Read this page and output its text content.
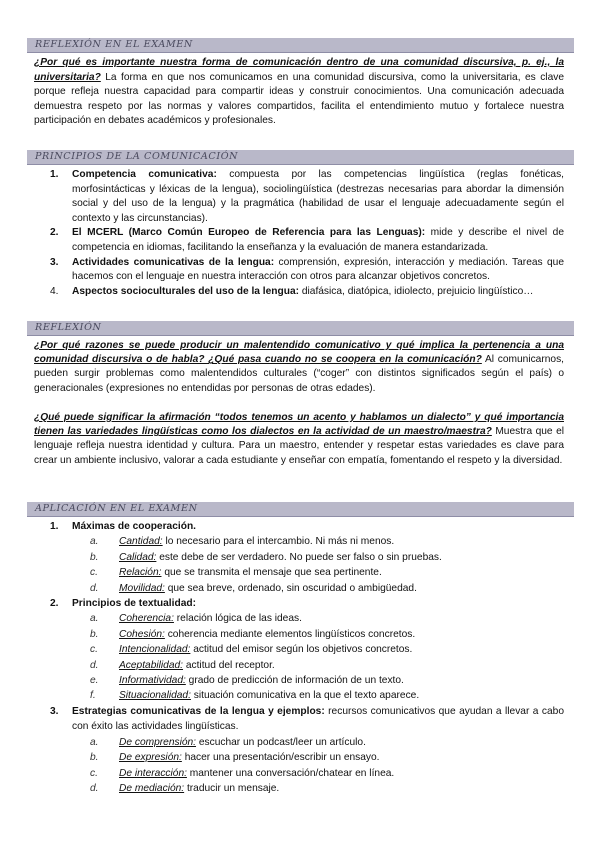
REFLEXIÓN EN EL EXAMEN
¿Por qué es importante nuestra forma de comunicación dentro de una comunidad discursiva, p. ej., la universitaria? La forma en que nos comunicamos en una comunidad discursiva, como la universitaria, es clave porque refleja nuestra capacidad para compartir ideas y construir conocimientos. Una comunicación adecuada demuestra respeto por las normas y valores compartidos, facilita el entendimiento mutuo y fortalece nuestra participación en debates académicos y profesionales.
PRINCIPIOS DE LA COMUNICACIÓN
1. Competencia comunicativa: compuesta por las competencias lingüística (reglas fonéticas, morfosintácticas y léxicas de la lengua), sociolingüística (destrezas necesarias para abordar la dimensión social y del uso de la lengua) y la pragmática (habilidad de usar el lenguaje adecuadamente según el contexto y las circunstancias).
2. El MCERL (Marco Común Europeo de Referencia para las Lenguas): mide y describe el nivel de competencia en idiomas, facilitando la enseñanza y la evaluación de manera estandarizada.
3. Actividades comunicativas de la lengua: comprensión, expresión, interacción y mediación. Tareas que hacemos con el lenguaje en nuestra interacción con otros para alcanzar objetivos concretos.
4. Aspectos socioculturales del uso de la lengua: diafásica, diatópica, idiolecto, prejuicio lingüístico…
REFLEXIÓN
¿Por qué razones se puede producir un malentendido comunicativo y qué implica la pertenencia a una comunidad discursiva o de habla? ¿Qué pasa cuando no se coopera en la comunicación? Al comunicarnos, pueden surgir problemas como malentendidos culturales (“coger” con distintos significados según el país) o generacionales (expresiones no entendidas por personas de otras edades).
¿Qué puede significar la afirmación “todos tenemos un acento y hablamos un dialecto” y qué importancia tienen las variedades lingüísticas como los dialectos en la actividad de un maestro/maestra? Muestra que el lenguaje refleja nuestra identidad y cultura. Para un maestro, entender y respetar estas variedades es clave para crear un ambiente inclusivo, valorar a cada estudiante y enseñar con empatía, fomentando el respeto y la diversidad.
APLICACIÓN EN EL EXAMEN
1. Máximas de cooperación.
a. Cantidad: lo necesario para el intercambio. Ni más ni menos.
b. Calidad: este debe de ser verdadero. No puede ser falso o sin pruebas.
c. Relación: que se transmita el mensaje que sea pertinente.
d. Movilidad: que sea breve, ordenado, sin oscuridad o ambigüedad.
2. Principios de textualidad:
a. Coherencia: relación lógica de las ideas.
b. Cohesión: coherencia mediante elementos lingüísticos concretos.
c. Intencionalidad: actitud del emisor según los objetivos concretos.
d. Aceptabilidad: actitud del receptor.
e. Informatividad: grado de predicción de información de un texto.
f. Situacionalidad: situación comunicativa en la que el texto aparece.
3. Estrategias comunicativas de la lengua y ejemplos: recursos comunicativos que ayudan a llevar a cabo con éxito las actividades lingüísticas.
a. De comprensión: escuchar un podcast/leer un artículo.
b. De expresión: hacer una presentación/escribir un ensayo.
c. De interacción: mantener una conversación/chatear en línea.
d. De mediación: traducir un mensaje.
